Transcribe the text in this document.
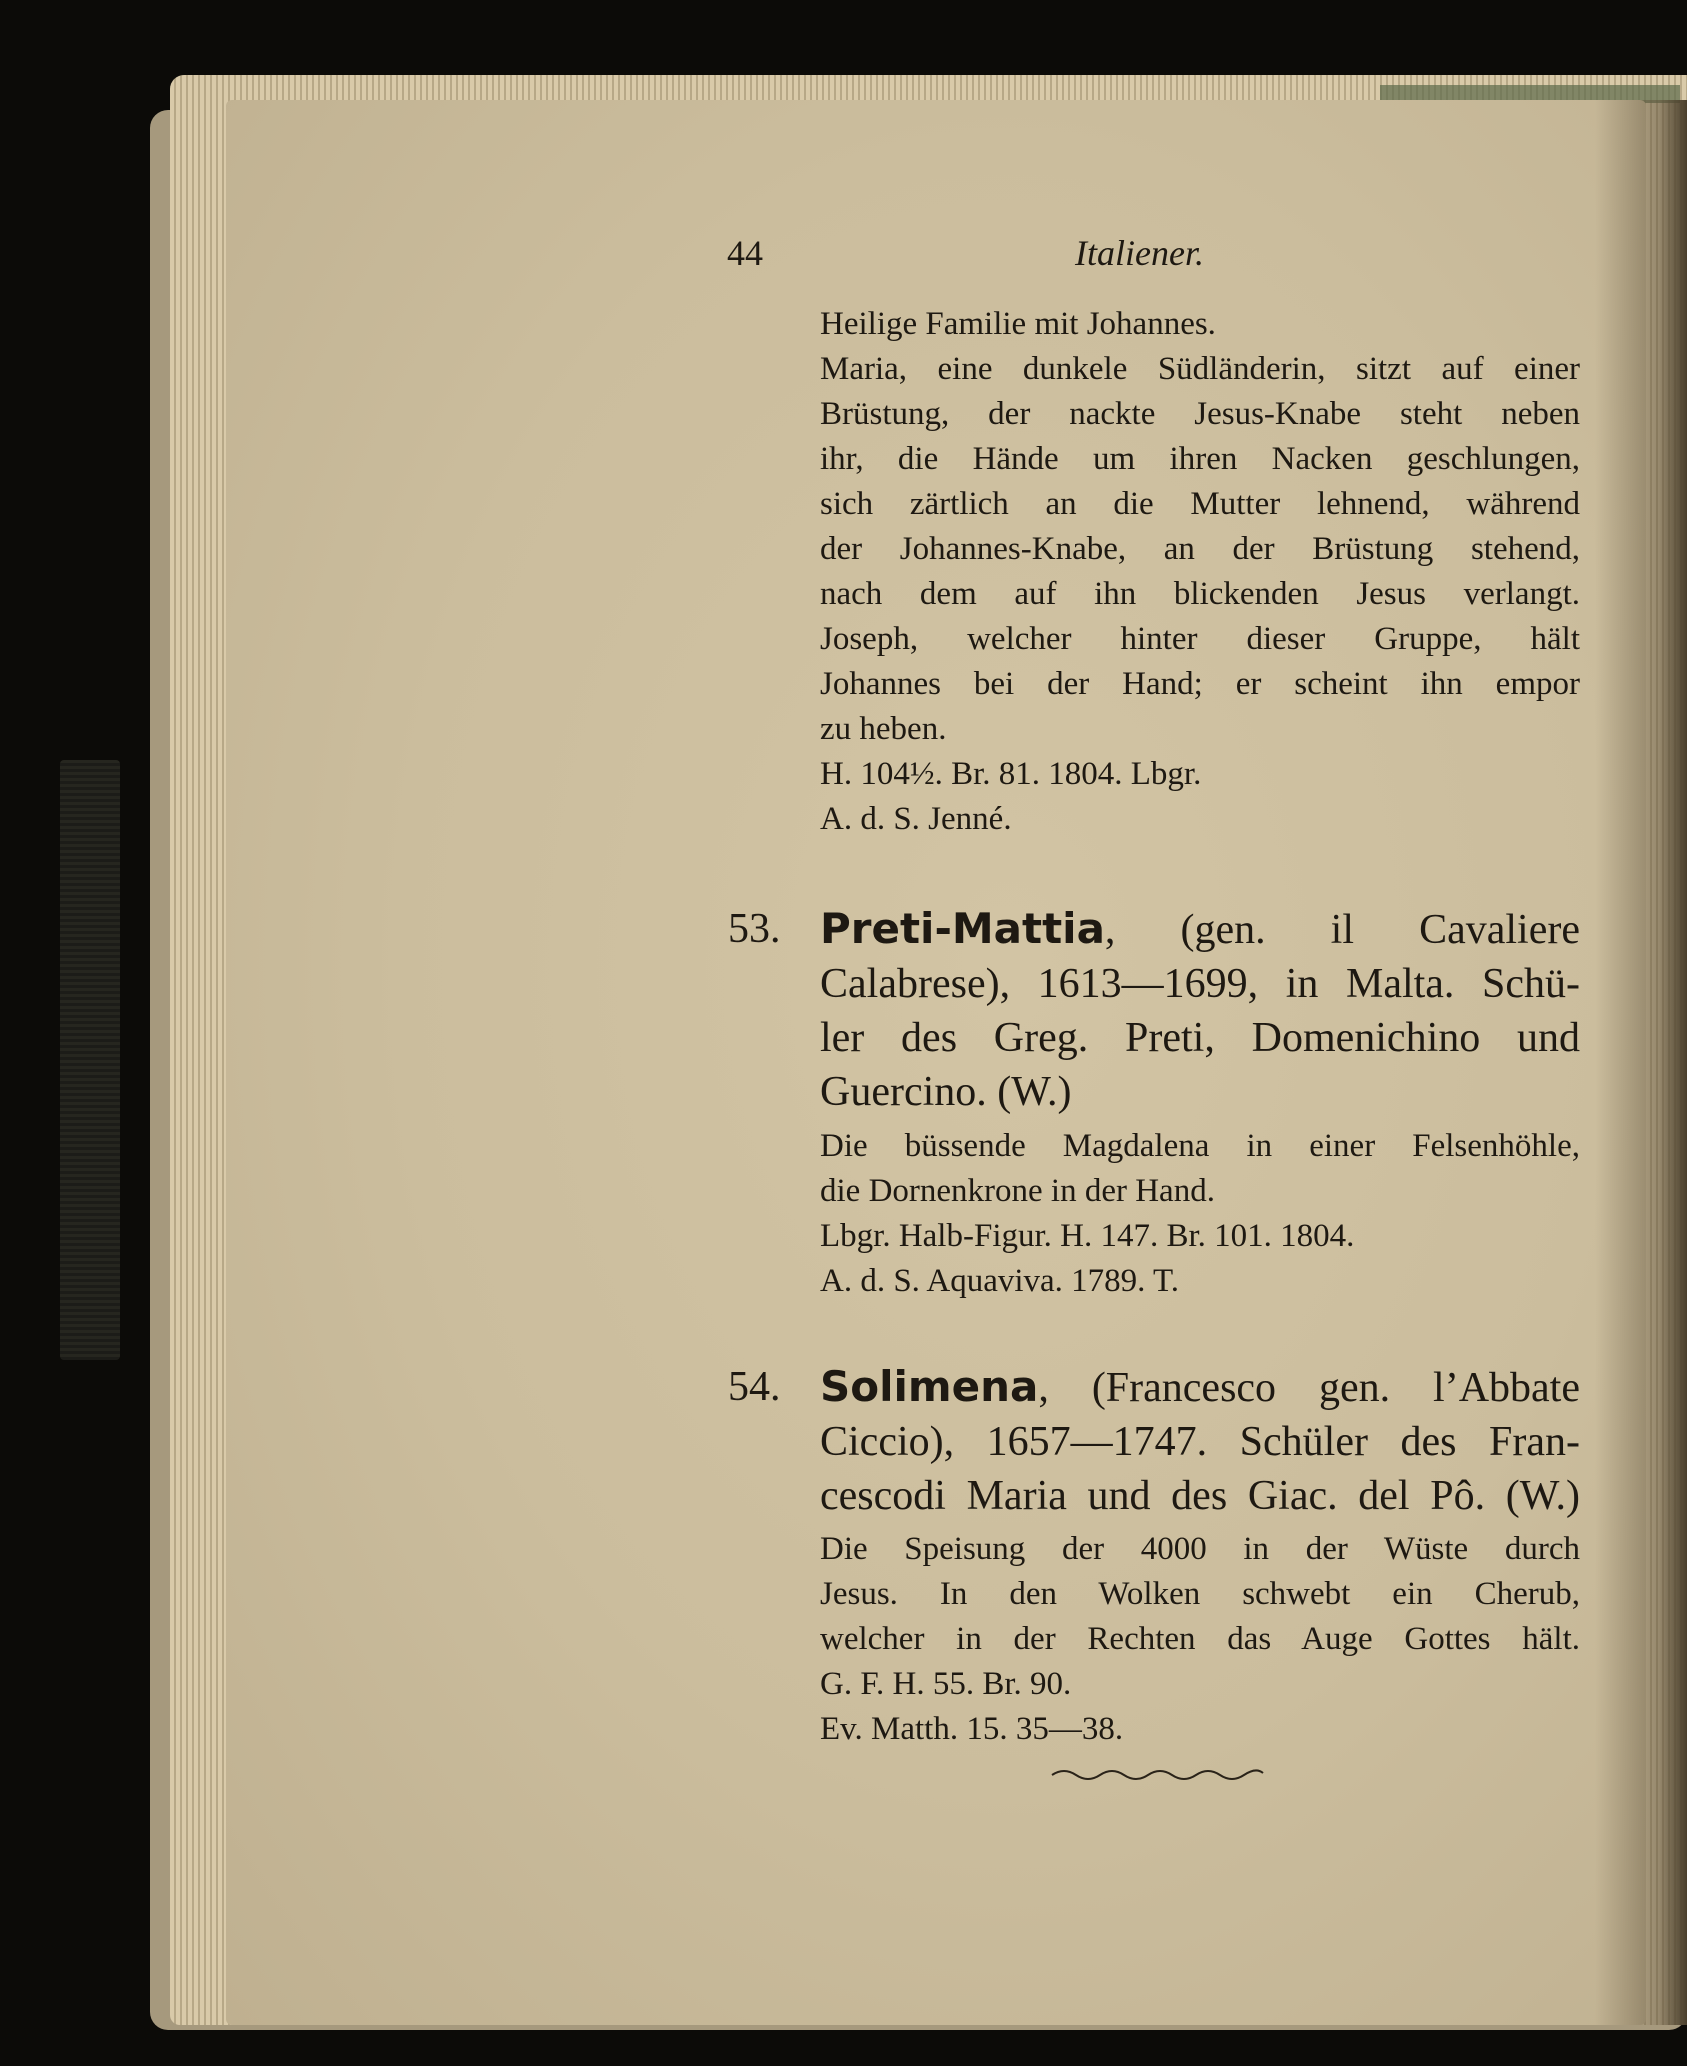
44	Italiener.
Heilige Familie mit Johannes.
Maria, eine dunkele Südländerin, sitzt auf einer
Brüstung, der nackte Jesus-Knabe steht neben
ihr, die Hände um ihren Nacken geschlungen,
sich zärtlich an die Mutter lehnend, während
der Johannes-Knabe, an der Brüstung stehend,
nach dem auf ihn blickenden Jesus verlangt.
Joseph, welcher hinter dieser Gruppe, hält
Johannes bei der Hand; er scheint ihn empor
zu heben.
H. 104½. Br. 81. 1804. Lbgr.
A. d. S. Jenné.
53. Preti-Mattia, (gen. il Cavaliere
Calabrese), 1613—1699, in Malta. Schü-
ler des Greg. Preti, Domenichino und
Guercino. (W.)
Die büssende Magdalena in einer Felsenhöhle,
die Dornenkrone in der Hand.
Lbgr. Halb-Figur. H. 147. Br. 101. 1804.
A. d. S. Aquaviva. 1789. T.
54. Solimena, (Francesco gen. l’Abbate
Ciccio), 1657—1747. Schüler des Fran-
cescodi Maria und des Giac. del Pô. (W.)
Die Speisung der 4000 in der Wüste durch
Jesus. In den Wolken schwebt ein Cherub,
welcher in der Rechten das Auge Gottes hält.
G. F. H. 55. Br. 90.
Ev. Matth. 15. 35—38.
